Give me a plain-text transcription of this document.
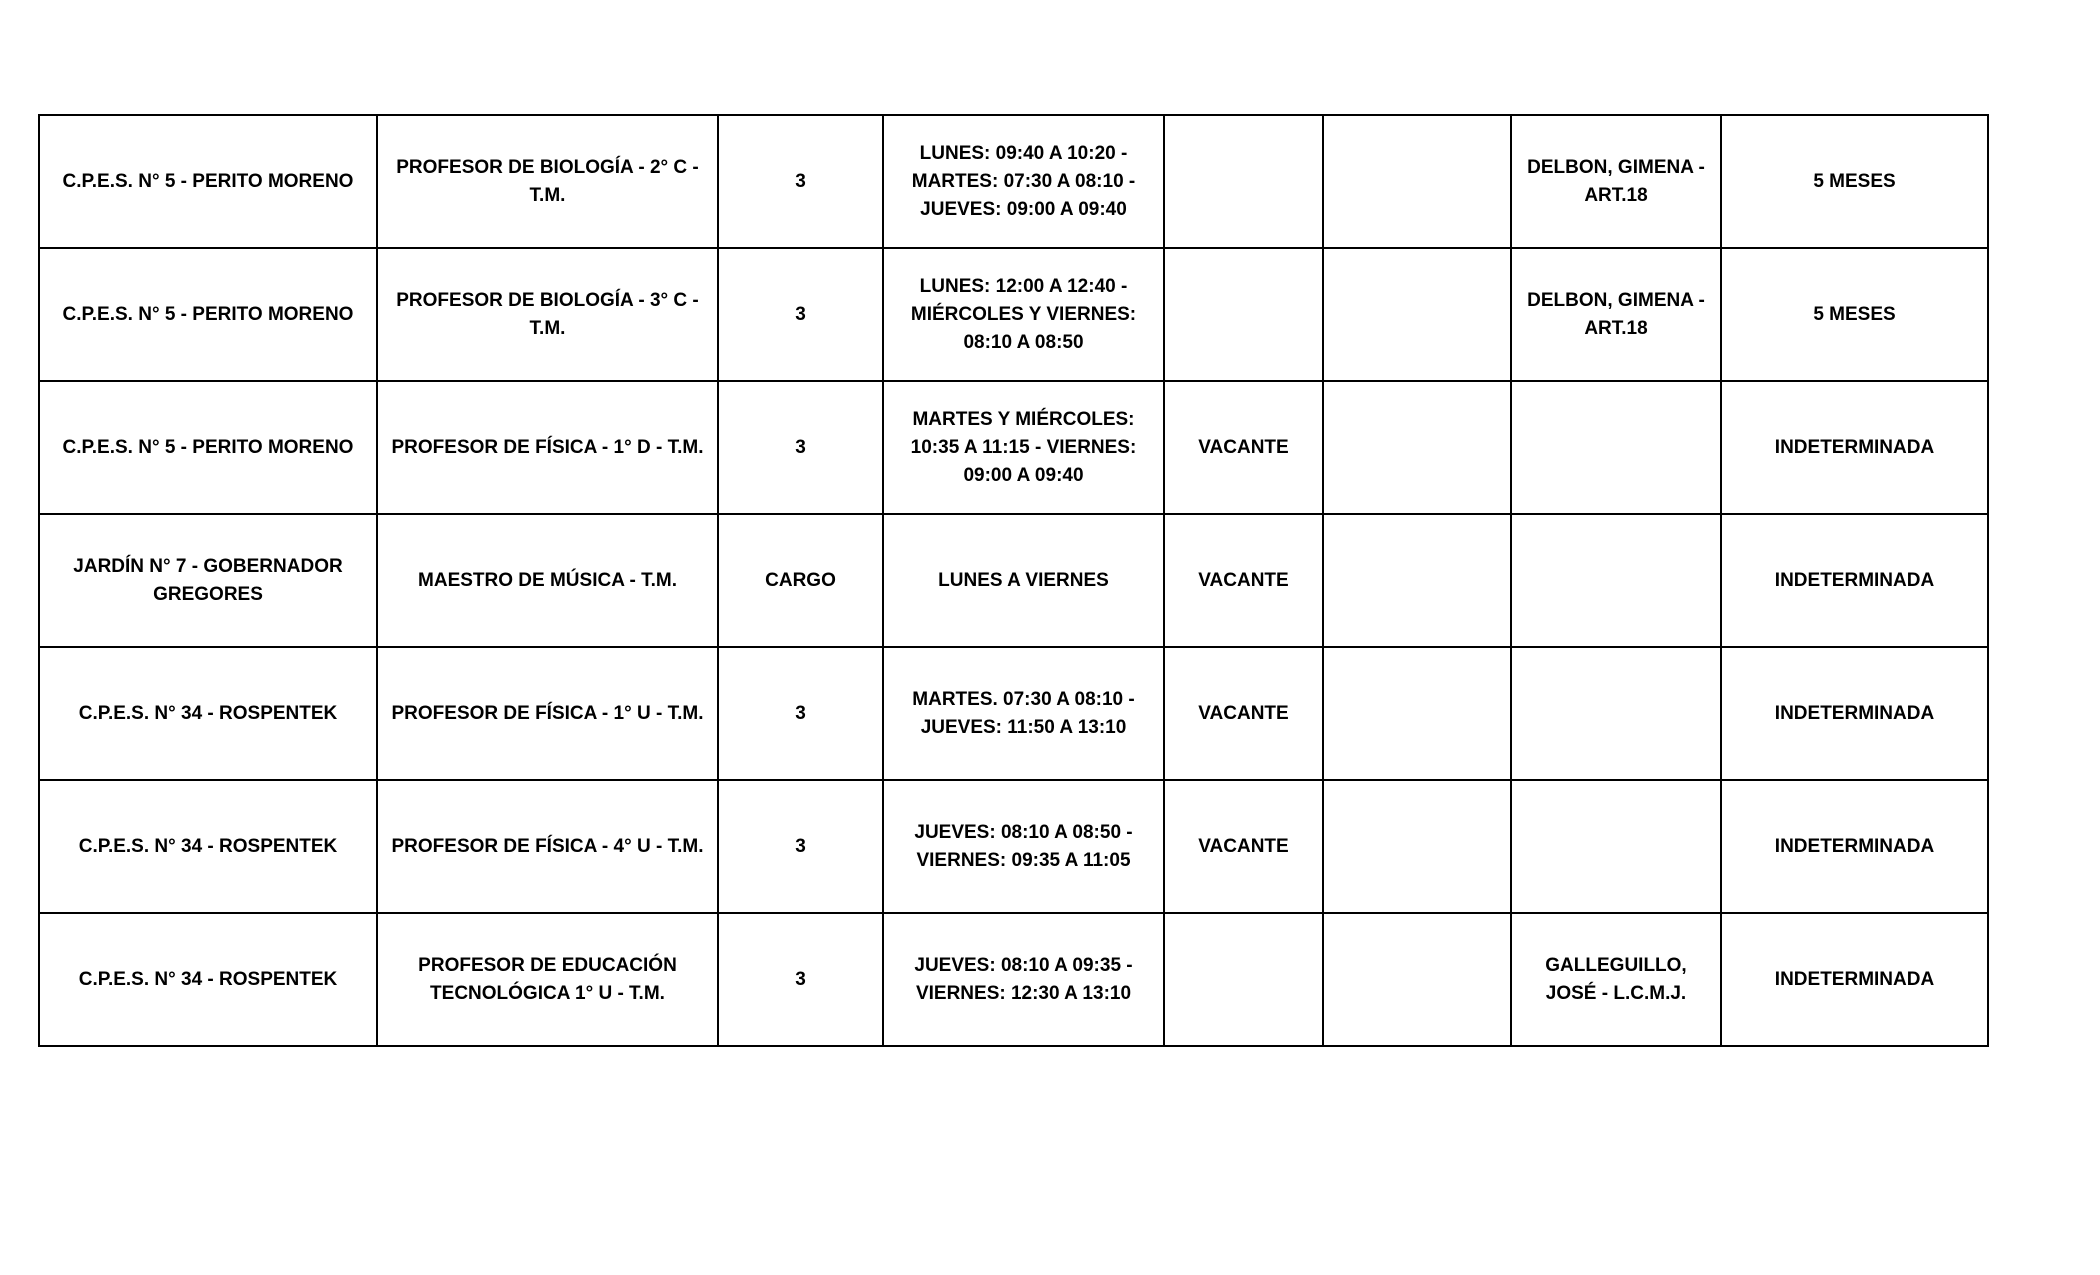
C.P.E.S. N° 5 - PERITO MORENO	PROFESOR DE BIOLOGÍA - 2° C - T.M.	3	LUNES: 09:40 A 10:20 - MARTES: 07:30 A 08:10 - JUEVES: 09:00 A 09:40			DELBON, GIMENA - ART.18	5 MESES
C.P.E.S. N° 5 - PERITO MORENO	PROFESOR DE BIOLOGÍA - 3° C - T.M.	3	LUNES: 12:00 A 12:40 - MIÉRCOLES Y VIERNES: 08:10 A 08:50			DELBON, GIMENA - ART.18	5 MESES
C.P.E.S. N° 5 - PERITO MORENO	PROFESOR DE FÍSICA - 1° D - T.M.	3	MARTES Y MIÉRCOLES: 10:35 A 11:15 - VIERNES: 09:00 A 09:40	VACANTE			INDETERMINADA
JARDÍN N° 7 - GOBERNADOR GREGORES	MAESTRO DE MÚSICA - T.M.	CARGO	LUNES A VIERNES	VACANTE			INDETERMINADA
C.P.E.S. N° 34 - ROSPENTEK	PROFESOR DE FÍSICA - 1° U - T.M.	3	MARTES. 07:30 A 08:10 - JUEVES: 11:50 A 13:10	VACANTE			INDETERMINADA
C.P.E.S. N° 34 - ROSPENTEK	PROFESOR DE FÍSICA - 4° U - T.M.	3	JUEVES: 08:10 A 08:50 - VIERNES: 09:35 A 11:05	VACANTE			INDETERMINADA
C.P.E.S. N° 34 - ROSPENTEK	PROFESOR DE EDUCACIÓN TECNOLÓGICA 1° U - T.M.	3	JUEVES: 08:10 A 09:35 - VIERNES: 12:30 A 13:10			GALLEGUILLO, JOSÉ - L.C.M.J.	INDETERMINADA
